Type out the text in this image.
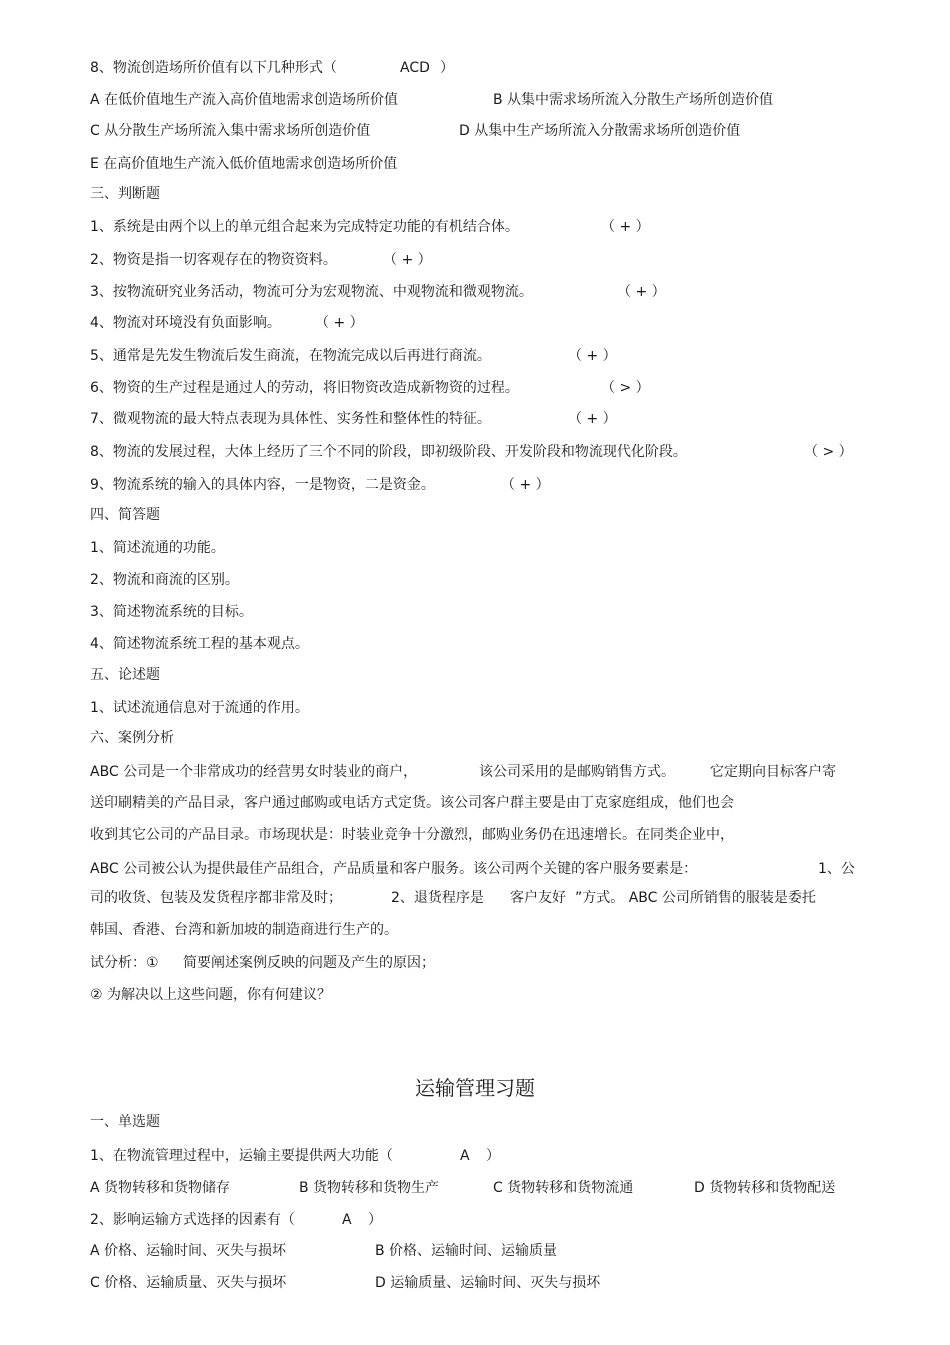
8、物流创造场所价值有以下几种形式（	ACD ）
A 在低价值地生产流入高价值地需求创造场所价值	B 从集中需求场所流入分散生产场所创造价值
C 从分散生产场所流入集中需求场所创造价值	D 从集中生产场所流入分散需求场所创造价值
E 在高价值地生产流入低价值地需求创造场所价值
三、判断题
1、系统是由两个以上的单元组合起来为完成特定功能的有机结合体。	（ + ）
2、物资是指一切客观存在的物资资料。	（ + ）
3、按物流研究业务活动，物流可分为宏观物流、中观物流和微观物流。	（ + ）
4、物流对环境没有负面影响。 （ + ）
5、通常是先发生物流后发生商流，在物流完成以后再进行商流。	（ + ）
6、物资的生产过程是通过人的劳动，将旧物资改造成新物资的过程。	（ > ）
7、微观物流的最大特点表现为具体性、实务性和整体性的特征。	（ + ）
8、物流的发展过程，大体上经历了三个不同的阶段，即初级阶段、开发阶段和物流现代化阶段。	（ > ）
9、物流系统的输入的具体内容，一是物资，二是资金。	（ + ）
四、简答题
1、简述流通的功能。
2、物流和商流的区别。
3、简述物流系统的目标。
4、简述物流系统工程的基本观点。
五、论述题
1、试述流通信息对于流通的作用。
六、案例分析
ABC 公司是一个非常成功的经营男女时装业的商户，	该公司采用的是邮购销售方式。	它定期向目标客户寄
送印刷精美的产品目录，客户通过邮购或电话方式定货。该公司客户群主要是由丁克家庭组成，他们也会
收到其它公司的产品目录。市场现状是：时装业竞争十分激烈，邮购业务仍在迅速增长。在同类企业中，
ABC 公司被公认为提供最佳产品组合，产品质量和客户服务。该公司两个关键的客户服务要素是：	1、公
司的收货、包装及发货程序都非常及时；	2、退货程序是 客户友好 ”方式。 ABC 公司所销售的服装是委托
韩国、香港、台湾和新加坡的制造商进行生产的。
试分析：① 简要阐述案例反映的问题及产生的原因；
② 为解决以上这些问题，你有何建议？
运输管理习题
一、单选题
1、在物流管理过程中，运输主要提供两大功能（	A ）
A 货物转移和货物储存	B 货物转移和货物生产	C 货物转移和货物流通	D 货物转移和货物配送
2、影响运输方式选择的因素有（	A ）
A 价格、运输时间、灭失与损坏	B 价格、运输时间、运输质量
C 价格、运输质量、灭失与损坏	D 运输质量、运输时间、灭失与损坏
